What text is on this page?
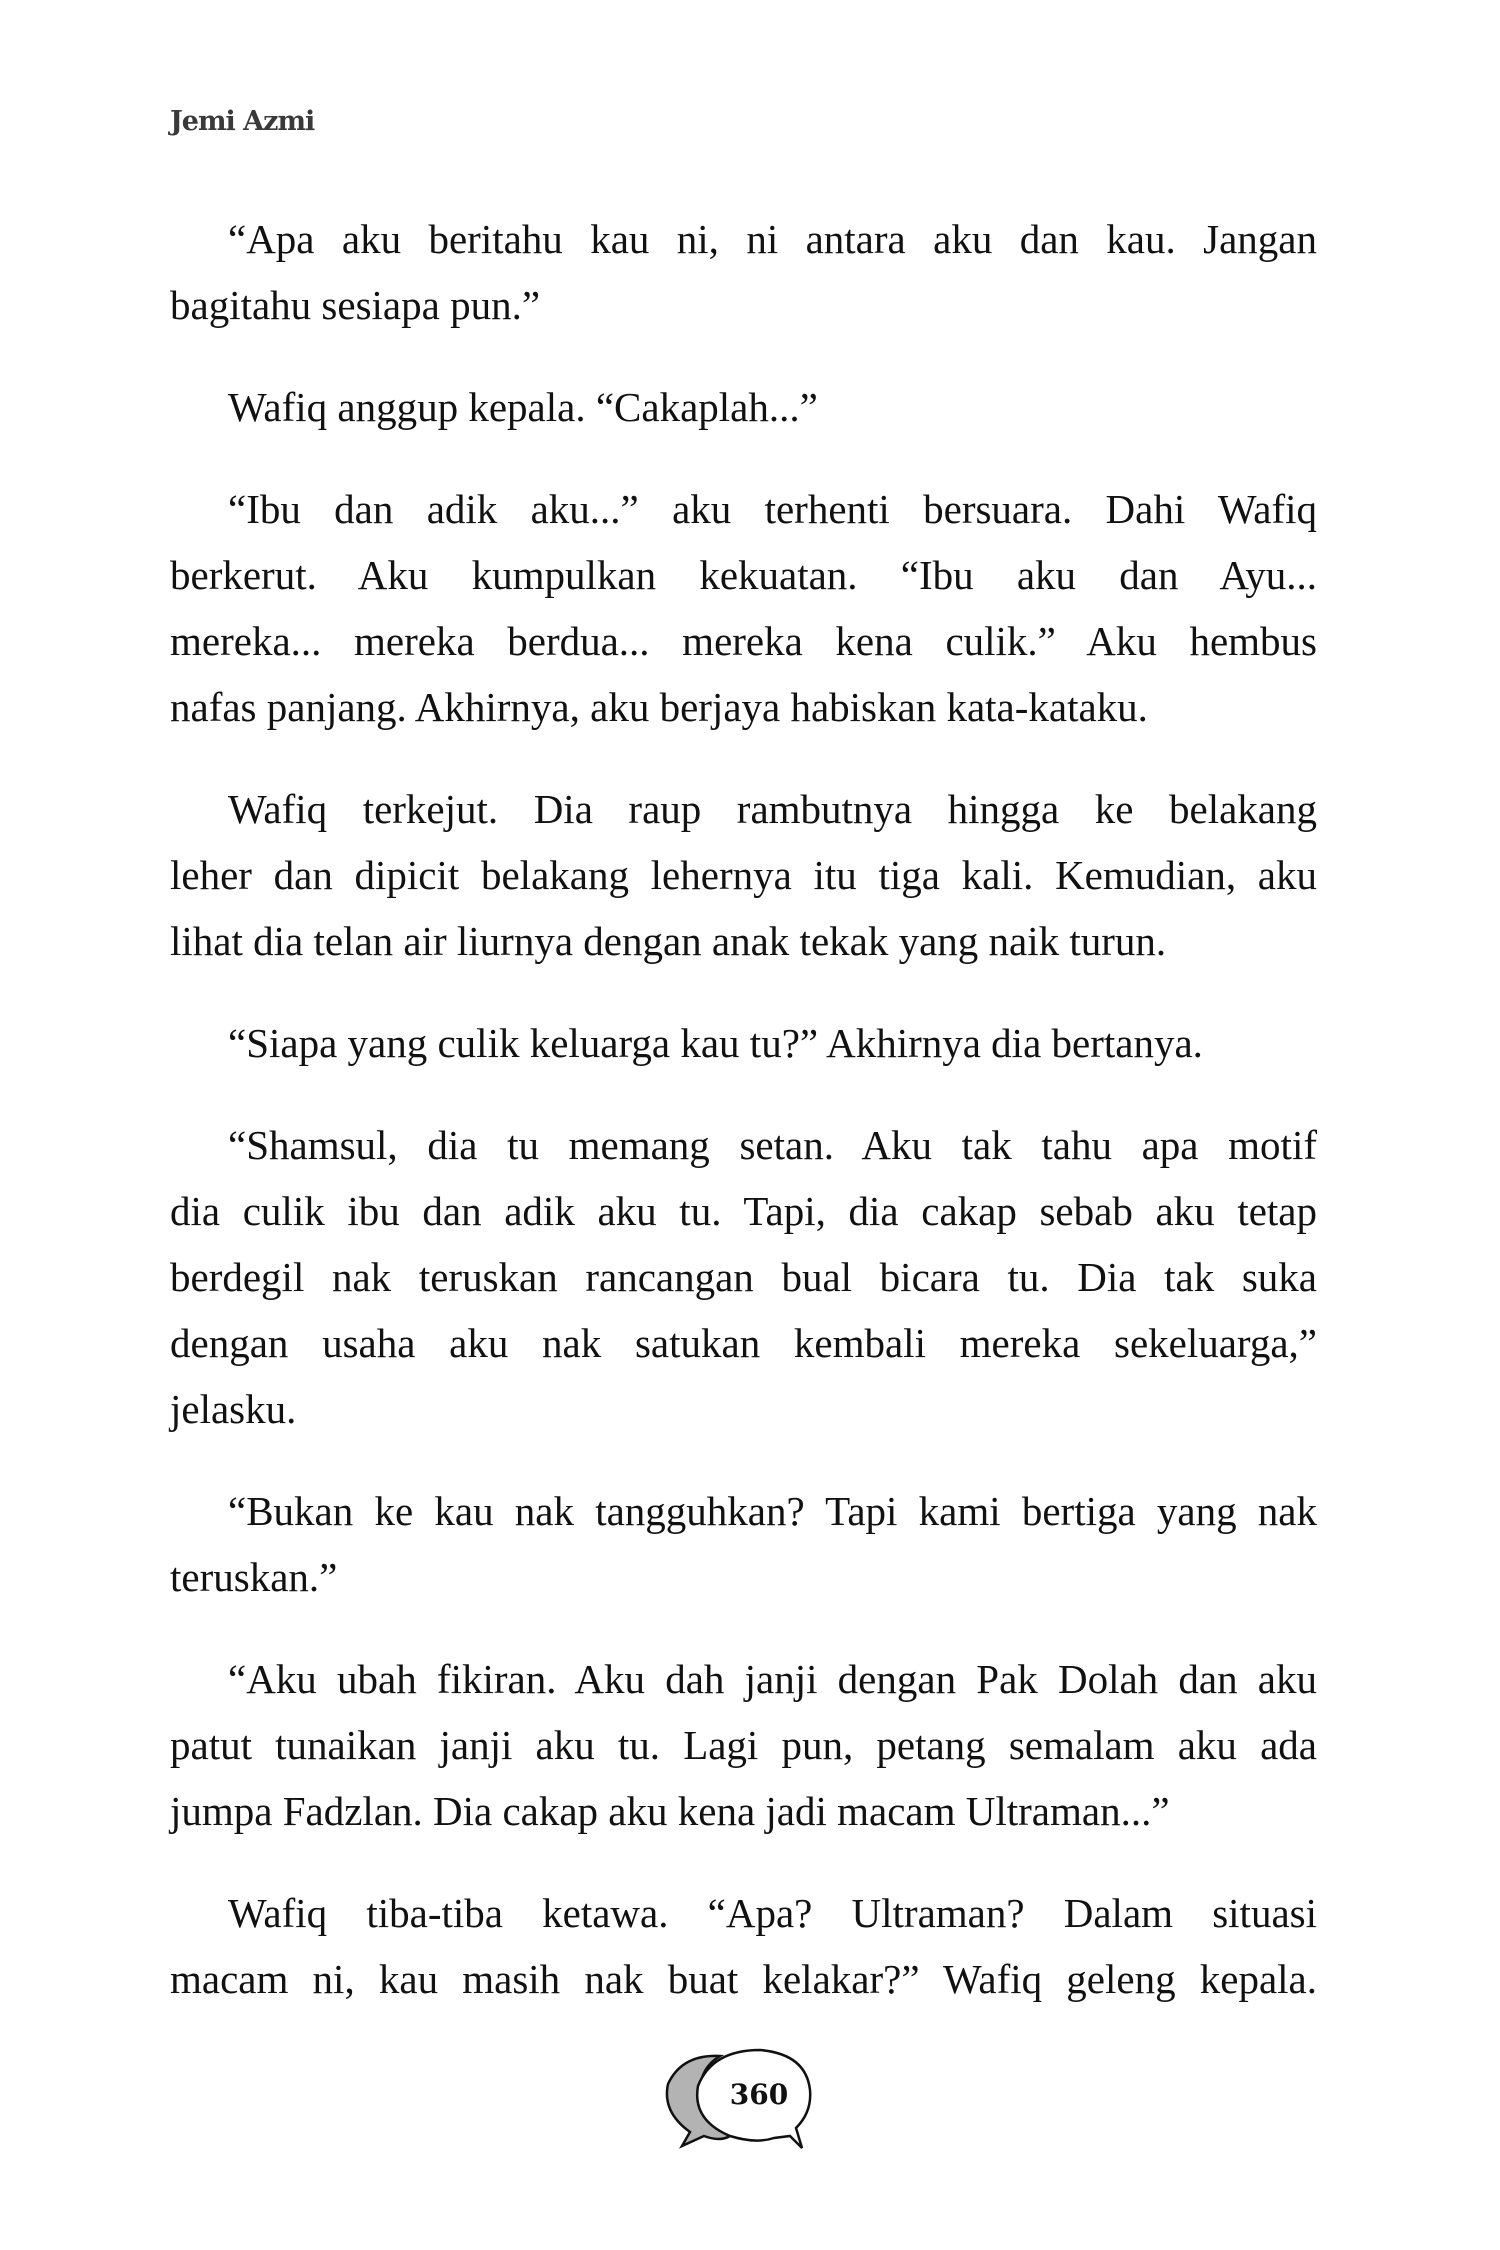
Jemi Azmi
“Apa aku beritahu kau ni, ni antara aku dan kau. Jangan
bagitahu sesiapa pun.”
Wafiq anggup kepala. “Cakaplah...”
“Ibu dan adik aku...” aku terhenti bersuara. Dahi Wafiq
berkerut. Aku kumpulkan kekuatan. “Ibu aku dan Ayu...
mereka... mereka berdua... mereka kena culik.” Aku hembus
nafas panjang. Akhirnya, aku berjaya habiskan kata-kataku.
Wafiq terkejut. Dia raup rambutnya hingga ke belakang
leher dan dipicit belakang lehernya itu tiga kali. Kemudian, aku
lihat dia telan air liurnya dengan anak tekak yang naik turun.
“Siapa yang culik keluarga kau tu?” Akhirnya dia bertanya.
“Shamsul, dia tu memang setan. Aku tak tahu apa motif
dia culik ibu dan adik aku tu. Tapi, dia cakap sebab aku tetap
berdegil nak teruskan rancangan bual bicara tu. Dia tak suka
dengan usaha aku nak satukan kembali mereka sekeluarga,”
jelasku.
“Bukan ke kau nak tangguhkan? Tapi kami bertiga yang nak
teruskan.”
“Aku ubah fikiran. Aku dah janji dengan Pak Dolah dan aku
patut tunaikan janji aku tu. Lagi pun, petang semalam aku ada
jumpa Fadzlan. Dia cakap aku kena jadi macam Ultraman...”
Wafiq tiba-tiba ketawa. “Apa? Ultraman? Dalam situasi
macam ni, kau masih nak buat kelakar?” Wafiq geleng kepala.
360
